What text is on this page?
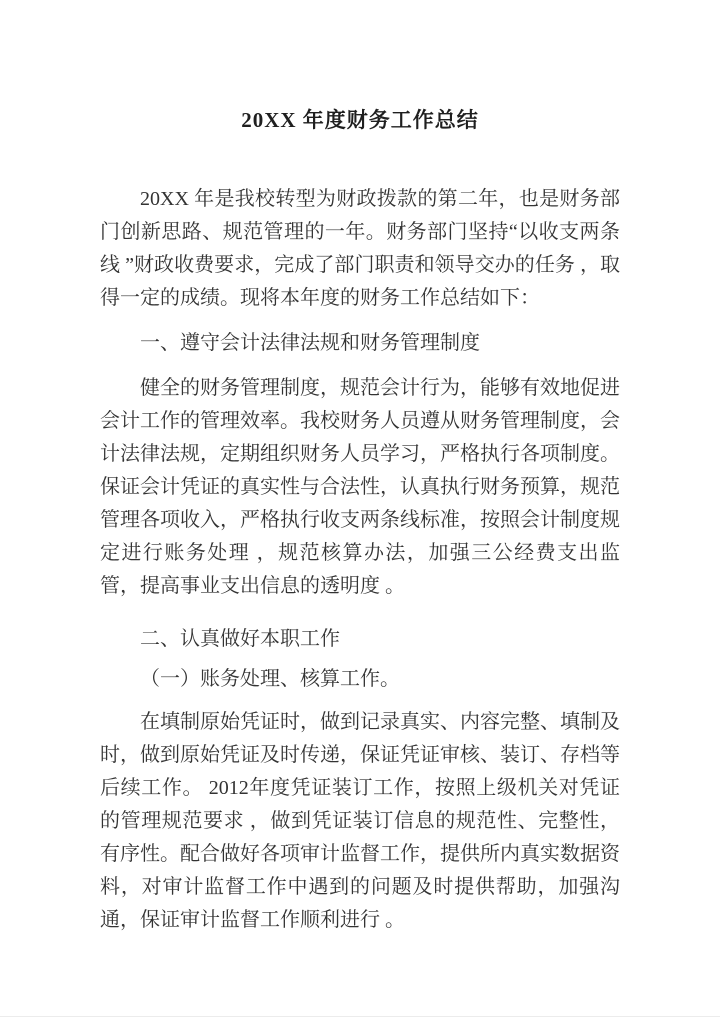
20XX 年度财务工作总结

20XX 年是我校转型为财政拨款的第二年，也是财务部门创新思路、规范管理的一年。财务部门坚持“以收支两条线 ”财政收费要求，完成了部门职责和领导交办的任务 ，取得一定的成绩。现将本年度的财务工作总结如下：

一、遵守会计法律法规和财务管理制度

健全的财务管理制度，规范会计行为，能够有效地促进会计工作的管理效率。我校财务人员遵从财务管理制度，会计法律法规，定期组织财务人员学习，严格执行各项制度。保证会计凭证的真实性与合法性，认真执行财务预算，规范管理各项收入，严格执行收支两条线标准，按照会计制度规定进行账务处理 ，规范核算办法，加强三公经费支出监管，提高事业支出信息的透明度 。

二、认真做好本职工作
（一）账务处理、核算工作。

在填制原始凭证时，做到记录真实、内容完整、填制及时，做到原始凭证及时传递，保证凭证审核、装订、存档等后续工作。 2012年度凭证装订工作，按照上级机关对凭证的管理规范要求 ，做到凭证装订信息的规范性、完整性，有序性。配合做好各项审计监督工作，提供所内真实数据资料，对审计监督工作中遇到的问题及时提供帮助，加强沟通，保证审计监督工作顺利进行 。
